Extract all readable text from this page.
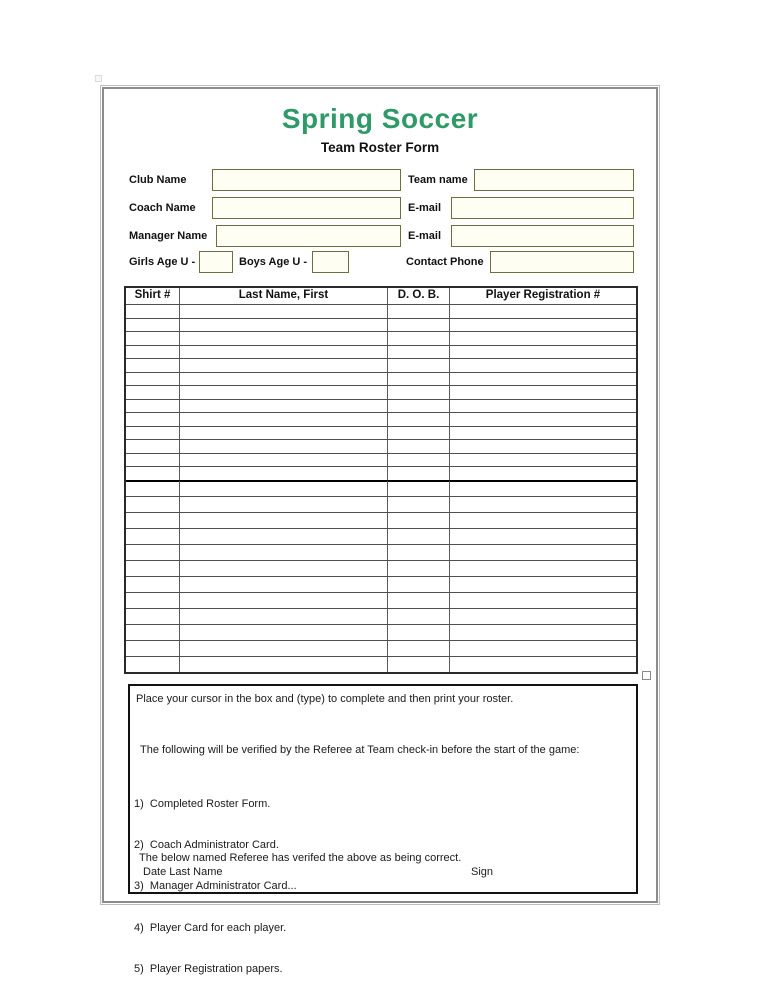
Spring Soccer
Team Roster Form
Club Name	Team name
Coach Name	E-mail
Manager Name	E-mail
Girls Age U -	Boys Age U -	Contact Phone
Shirt #	Last Name, First	D. O. B.	Player Registration #
Place your cursor in the box and (type) to complete and then print your roster.
The following will be verified by the Referee at Team check-in before the start of the game:

1)  Completed Roster Form.

2)  Coach Administrator Card.

3)  Manager Administrator Card...

4)  Player Card for each player.

5)  Player Registration papers.

The below named Referee has verifed the above as being correct.
Date Last Name	Sign
